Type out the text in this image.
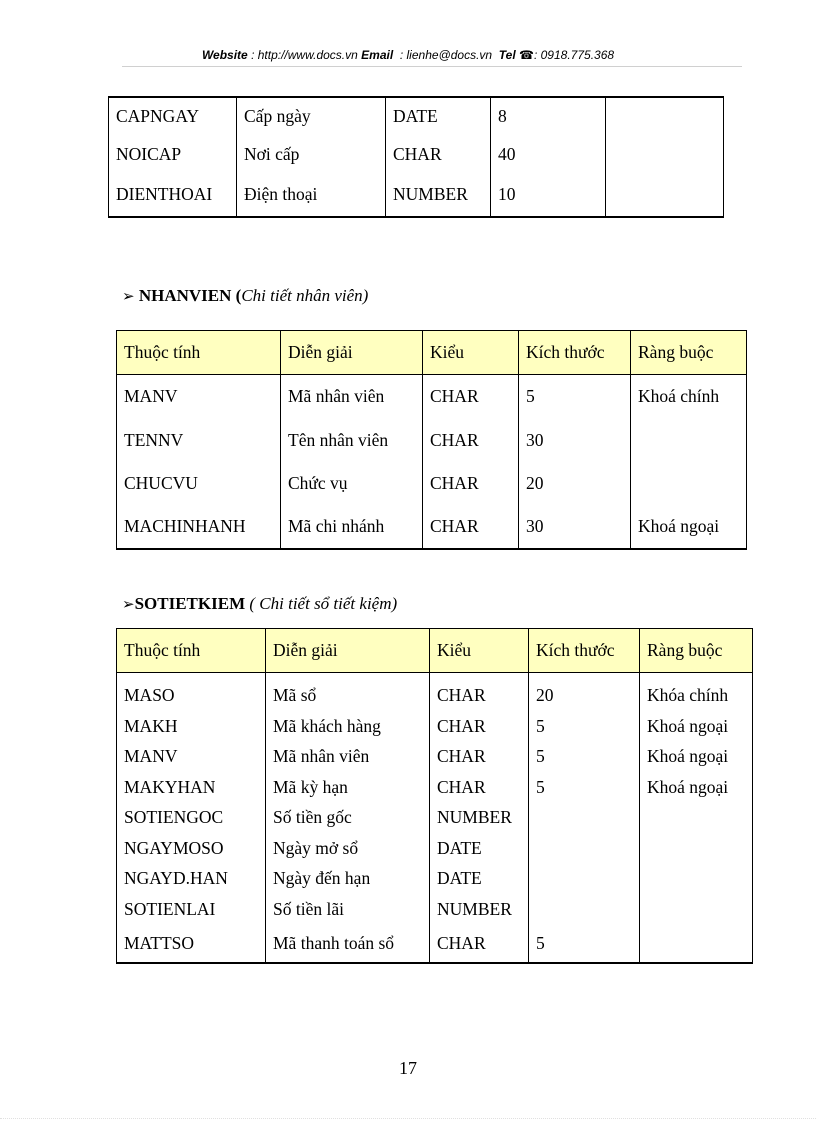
Website : http://www.docs.vn Email  : lienhe@docs.vn Tel ☎: 0918.775.368
CAPNGAY	Cấp ngày	DATE	8	
NOICAP	Nơi cấp	CHAR	40	
DIENTHOAI	Điện thoại	NUMBER	10	
➢ NHANVIEN (Chi tiết nhân viên)
Thuộc tính	Diễn giải	Kiểu	Kích thước	Ràng buộc
MANV	Mã nhân viên	CHAR	5	Khoá chính
TENNV	Tên nhân viên	CHAR	30	
CHUCVU	Chức vụ	CHAR	20	
MACHINHANH	Mã chi nhánh	CHAR	30	Khoá ngoại
➢SOTIETKIEM ( Chi tiết sổ tiết kiệm)
Thuộc tính	Diễn giải	Kiểu	Kích thước	Ràng buộc

MASO	Mã sổ	CHAR	20	Khóa chính
MAKH	Mã khách hàng	CHAR	5	Khoá ngoại
MANV	Mã nhân viên	CHAR	5	Khoá ngoại
MAKYHAN	Mã kỳ hạn	CHAR	5	Khoá ngoại
SOTIENGOC	Số tiền gốc	NUMBER		
NGAYMOSO	Ngày mở sổ	DATE		
NGAYD.HAN	Ngày đến hạn	DATE		
SOTIENLAI	Số tiền lãi	NUMBER		
MATTSO	Mã thanh toán sổ	CHAR	5	
17
